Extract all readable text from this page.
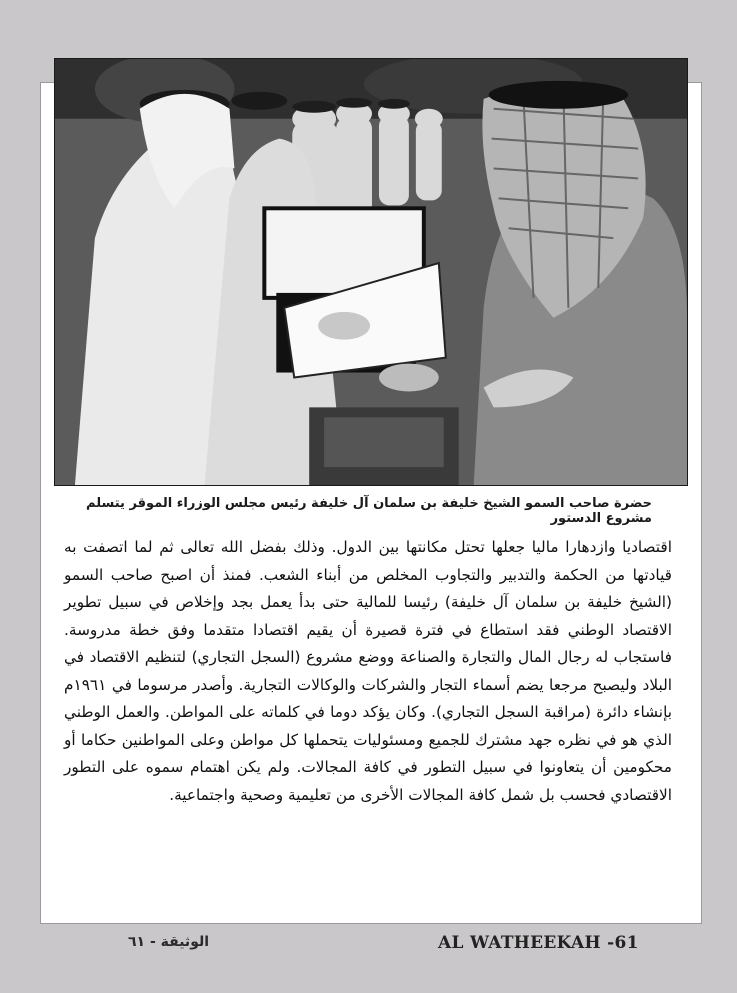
حضرة صاحب السمو الشيخ خليفة بن سلمان آل خليفة رئيس مجلس الوزراء الموقر يتسلم مشروع الدستور

اقتصاديا وازدهارا ماليا جعلها تحتل مكانتها بين الدول. وذلك بفضل الله تعالى ثم لما اتصفت به قيادتها من الحكمة والتدبير والتجاوب المخلص من أبناء الشعب. فمنذ أن اصبح صاحب السمو (الشيخ خليفة بن سلمان آل خليفة) رئيسا للمالية حتى بدأ يعمل بجد وإخلاص في سبيل تطوير الاقتصاد الوطني فقد استطاع في فترة قصيرة أن يقيم اقتصادا متقدما وفق خطة مدروسة. فاستجاب له رجال المال والتجارة والصناعة ووضع مشروع (السجل التجاري) لتنظيم الاقتصاد في البلاد وليصبح مرجعا يضم أسماء التجار والشركات والوكالات التجارية. وأصدر مرسوما في ١٩٦١م بإنشاء دائرة (مراقبة السجل التجاري). وكان يؤكد دوما في كلماته على المواطن. والعمل الوطني الذي هو في نظره جهد مشترك للجميع ومسئوليات يتحملها كل مواطن وعلى المواطنين حكاما أو محكومين أن يتعاونوا في سبيل التطور في كافة المجالات. ولم يكن اهتمام سموه على التطور الاقتصادي فحسب بل شمل كافة المجالات الأخرى من تعليمية وصحية واجتماعية.

الوثيقة - ٦١	AL WATHEEKAH -61
